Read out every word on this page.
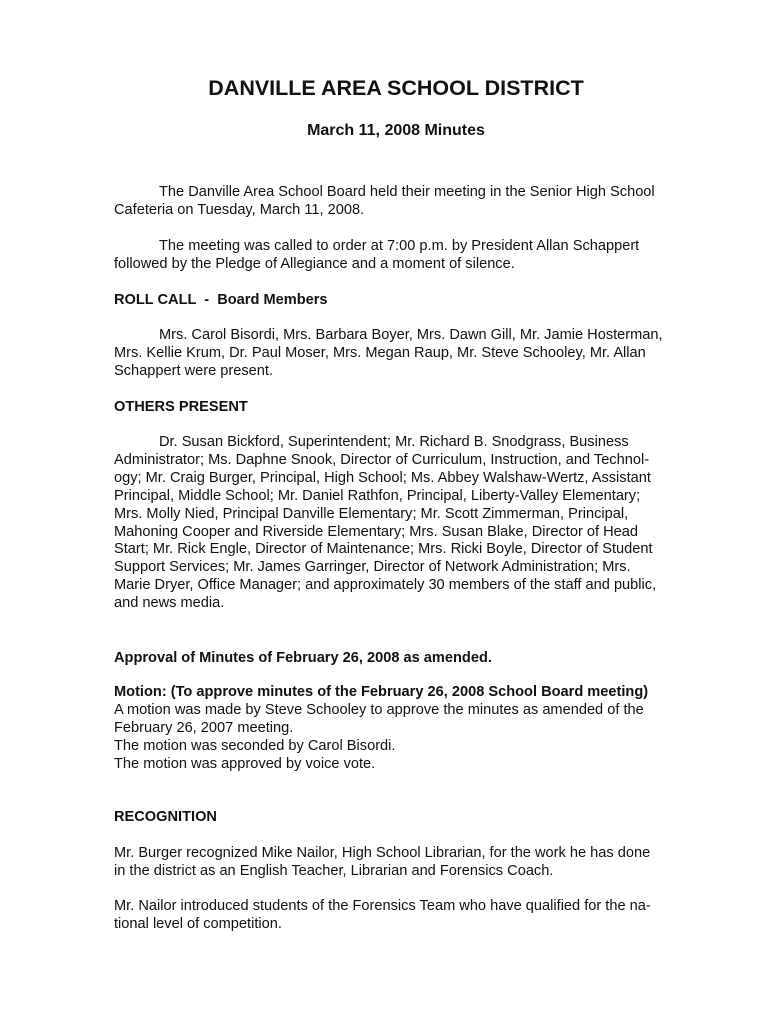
DANVILLE AREA SCHOOL DISTRICT
March 11, 2008 Minutes
The Danville Area School Board held their meeting in the Senior High School
Cafeteria on Tuesday, March 11, 2008.
The meeting was called to order at 7:00 p.m. by President Allan Schappert
followed by the Pledge of Allegiance and a moment of silence.
ROLL CALL  -  Board Members
Mrs. Carol Bisordi, Mrs. Barbara Boyer, Mrs. Dawn Gill, Mr. Jamie Hosterman,
Mrs. Kellie Krum, Dr. Paul Moser, Mrs. Megan Raup, Mr. Steve Schooley, Mr. Allan
Schappert were present.
OTHERS PRESENT
Dr. Susan Bickford, Superintendent; Mr. Richard B. Snodgrass, Business
Administrator; Ms. Daphne Snook, Director of Curriculum, Instruction, and Technol-
ogy; Mr. Craig Burger, Principal, High School; Ms. Abbey Walshaw-Wertz, Assistant
Principal, Middle School; Mr. Daniel Rathfon, Principal, Liberty-Valley Elementary;
Mrs. Molly Nied, Principal Danville Elementary; Mr. Scott Zimmerman, Principal,
Mahoning Cooper and Riverside Elementary; Mrs. Susan Blake, Director of Head
Start; Mr. Rick Engle, Director of Maintenance; Mrs. Ricki Boyle, Director of Student
Support Services; Mr. James Garringer, Director of Network Administration; Mrs.
Marie Dryer, Office Manager; and approximately 30 members of the staff and public,
and news media.
Approval of Minutes of February 26, 2008 as amended.
Motion: (To approve minutes of the February 26, 2008 School Board meeting)
A motion was made by Steve Schooley to approve the minutes as amended of the
February 26, 2007 meeting.
The motion was seconded by Carol Bisordi.
The motion was approved by voice vote.
RECOGNITION
Mr. Burger recognized Mike Nailor, High School Librarian, for the work he has done
in the district as an English Teacher, Librarian and Forensics Coach.
Mr. Nailor introduced students of the Forensics Team who have qualified for the na-
tional level of competition.
